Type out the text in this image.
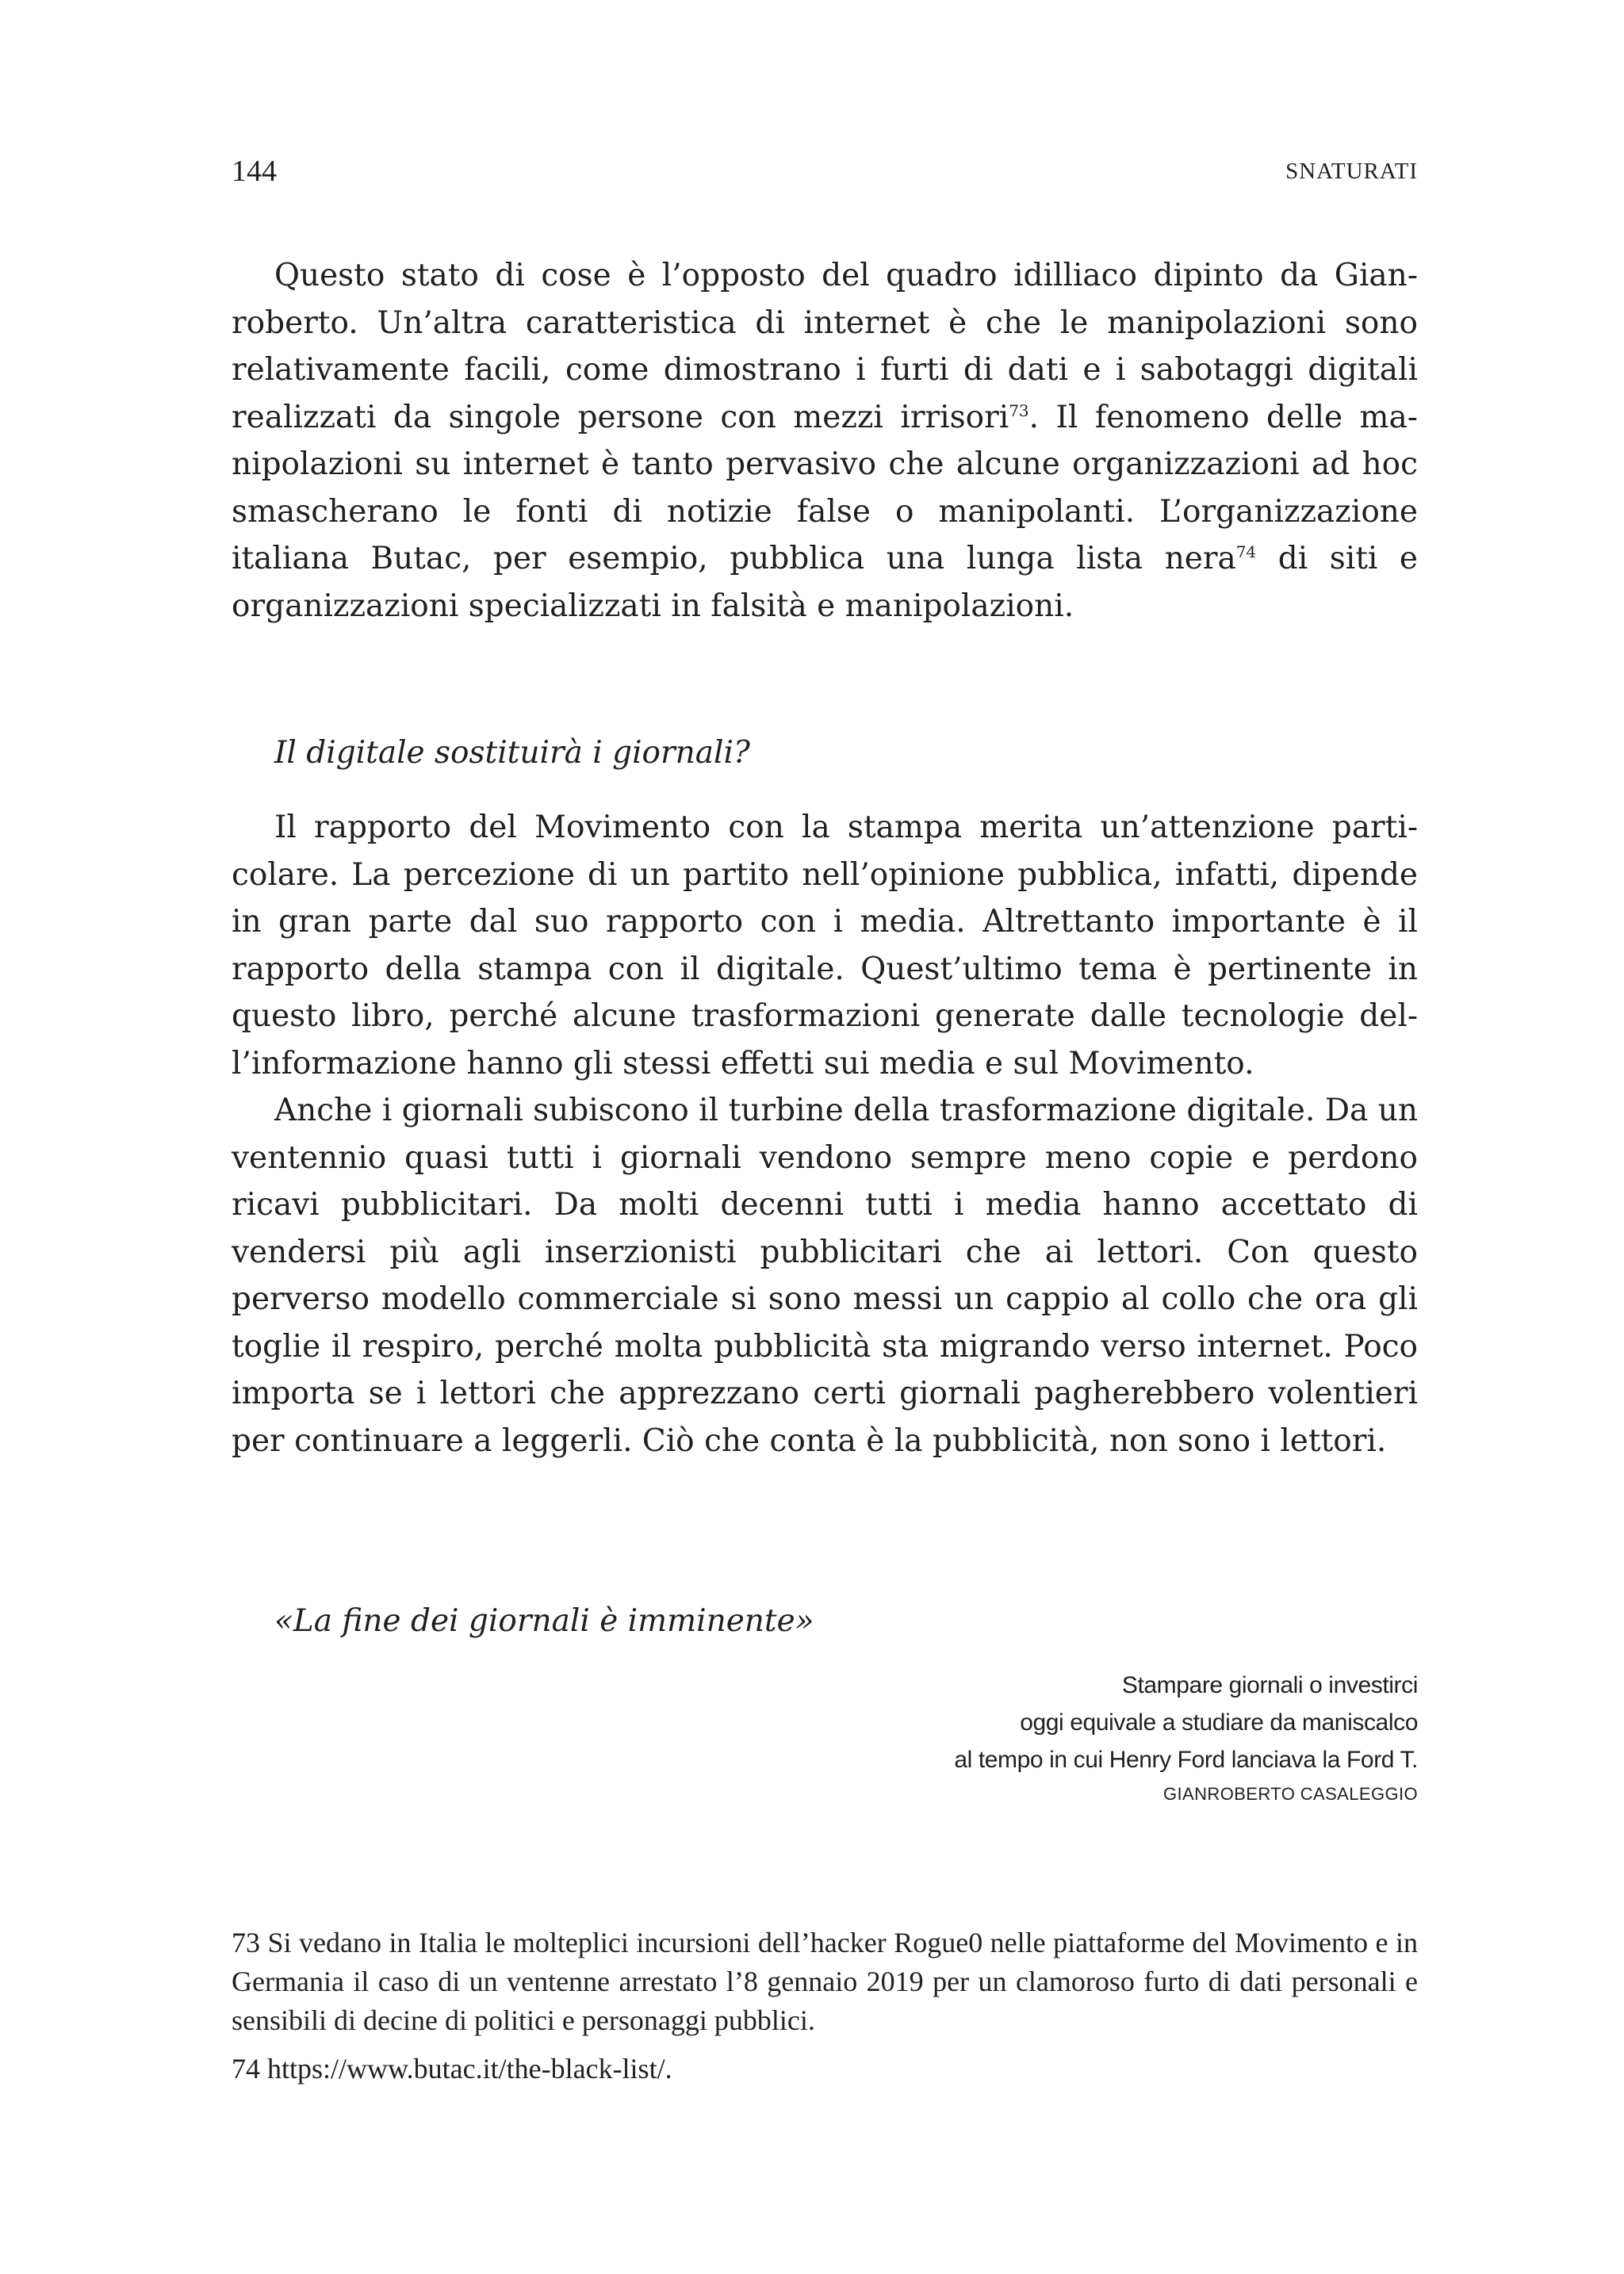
144	SNATURATI

Questo stato di cose è l’opposto del quadro idilliaco dipinto da Gianroberto. Un’altra caratteristica di internet è che le manipolazioni sono relativamente facili, come dimostrano i furti di dati e i sabotaggi digitali realizzati da singole persone con mezzi irrisori$^{73}$. Il fenomeno delle manipolazioni su internet è tanto pervasivo che alcune organizzazioni ad hoc smascherano le fonti di notizie false o manipolanti. L’organizzazione italiana Butac, per esempio, pubblica una lunga lista nera$^{74}$ di siti e organizzazioni specializzati in falsità e manipolazioni.

Il digitale sostituirà i giornali?

Il rapporto del Movimento con la stampa merita un’attenzione particolare. La percezione di un partito nell’opinione pubblica, infatti, dipende in gran parte dal suo rapporto con i media. Altrettanto importante è il rapporto della stampa con il digitale. Quest’ultimo tema è pertinente in questo libro, perché alcune trasformazioni generate dalle tecnologie dell’informazione hanno gli stessi effetti sui media e sul Movimento.

Anche i giornali subiscono il turbine della trasformazione digitale. Da un ventennio quasi tutti i giornali vendono sempre meno copie e perdono ricavi pubblicitari. Da molti decenni tutti i media hanno accettato di vendersi più agli inserzionisti pubblicitari che ai lettori. Con questo perverso modello commerciale si sono messi un cappio al collo che ora gli toglie il respiro, perché molta pubblicità sta migrando verso internet. Poco importa se i lettori che apprezzano certi giornali pagherebbero volentieri per continuare a leggerli. Ciò che conta è la pubblicità, non sono i lettori.

«La fine dei giornali è imminente»
Stampare giornali o investirci
oggi equivale a studiare da maniscalco
al tempo in cui Henry Ford lanciava la Ford T.
GIANROBERTO CASALEGGIO

73 Si vedano in Italia le molteplici incursioni dell’hacker Rogue0 nelle piattaforme del Movimento e in Germania il caso di un ventenne arrestato l’8 gennaio 2019 per un clamoroso furto di dati personali e sensibili di decine di politici e personaggi pubblici.

74 https://www.butac.it/the-black-list/.
